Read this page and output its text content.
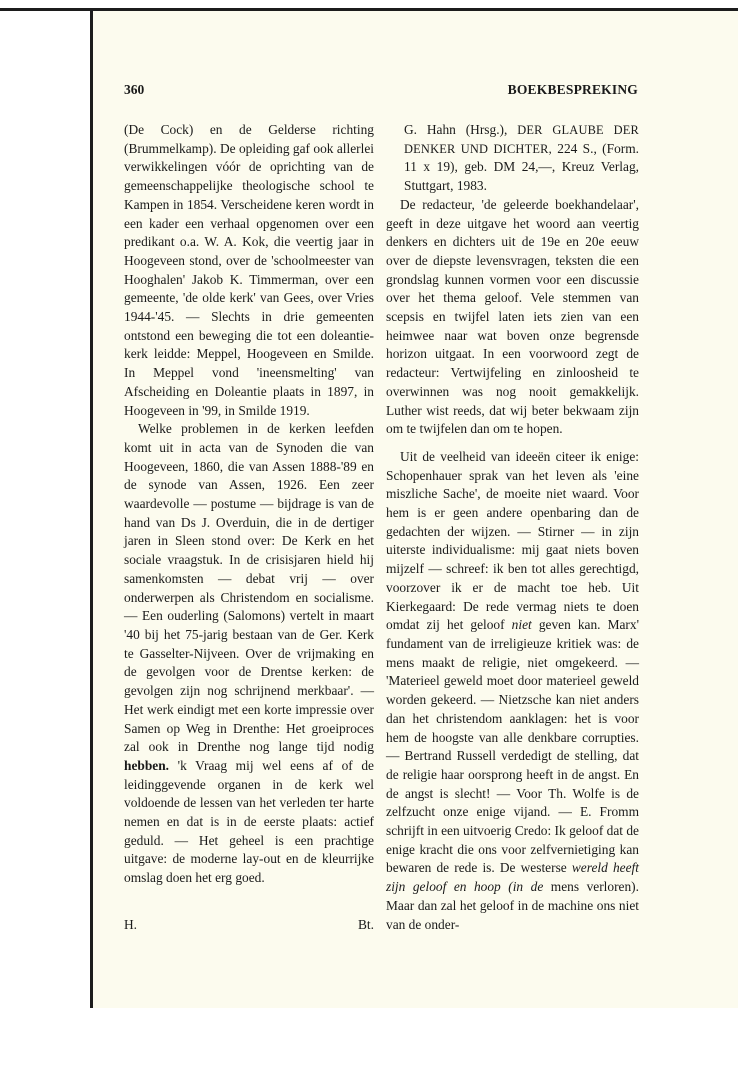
360	BOEKBESPREKING

(De Cock) en de Gelderse richting (Brummelkamp). De opleiding gaf ook allerlei verwikkelingen vóór de oprichting van de gemeenschappelijke theologische school te Kampen in 1854. Verscheidene keren wordt in een kader een verhaal opgenomen over een predikant o.a. W. A. Kok, die veertig jaar in Hoogeveen stond, over de 'schoolmeester van Hooghalen' Jakob K. Timmerman, over een gemeente, 'de olde kerk' van Gees, over Vries 1944-'45. — Slechts in drie gemeenten ontstond een beweging die tot een doleantie-kerk leidde: Meppel, Hoogeveen en Smilde. In Meppel vond 'ineensmelting' van Afscheiding en Doleantie plaats in 1897, in Hoogeveen in '99, in Smilde 1919.

Welke problemen in de kerken leefden komt uit in acta van de Synoden die van Hoogeveen, 1860, die van Assen 1888-'89 en de synode van Assen, 1926. Een zeer waardevolle — postume — bijdrage is van de hand van Ds J. Overduin, die in de dertiger jaren in Sleen stond over: De Kerk en het sociale vraagstuk. In de crisisjaren hield hij samenkomsten — debat vrij — over onderwerpen als Christendom en socialisme. — Een ouderling (Salomons) vertelt in maart '40 bij het 75-jarig bestaan van de Ger. Kerk te Gasselter-Nijveen. Over de vrijmaking en de gevolgen voor de Drentse kerken: de gevolgen zijn nog schrijnend merkbaar'. — Het werk eindigt met een korte impressie over Samen op Weg in Drenthe: Het groeiproces zal ook in Drenthe nog lange tijd nodig hebben. 'k Vraag mij wel eens af of de leidinggevende organen in de kerk wel voldoende de lessen van het verleden ter harte nemen en dat is in de eerste plaats: actief geduld. — Het geheel is een prachtige uitgave: de moderne lay-out en de kleurrijke omslag doen het erg goed.

H.	Bt.

G. Hahn (Hrsg.), DER GLAUBE DER DENKER UND DICHTER, 224 S., (Form. 11 x 19), geb. DM 24,—, Kreuz Verlag, Stuttgart, 1983.

De redacteur, 'de geleerde boekhandelaar', geeft in deze uitgave het woord aan veertig denkers en dichters uit de 19e en 20e eeuw over de diepste levensvragen, teksten die een grondslag kunnen vormen voor een discussie over het thema geloof. Vele stemmen van scepsis en twijfel laten iets zien van een heimwee naar wat boven onze begrensde horizon uitgaat. In een voorwoord zegt de redacteur: Vertwijfeling en zinloosheid te overwinnen was nog nooit gemakkelijk. Luther wist reeds, dat wij beter bekwaam zijn om te twijfelen dan om te hopen.

Uit de veelheid van ideeën citeer ik enige: Schopenhauer sprak van het leven als 'eine miszliche Sache', de moeite niet waard. Voor hem is er geen andere openbaring dan de gedachten der wijzen. — Stirner — in zijn uiterste individualisme: mij gaat niets boven mijzelf — schreef: ik ben tot alles gerechtigd, voorzover ik er de macht toe heb. Uit Kierkegaard: De rede vermag niets te doen omdat zij het geloof niet geven kan. Marx' fundament van de irreligieuze kritiek was: de mens maakt de religie, niet omgekeerd. — 'Materieel geweld moet door materieel geweld worden gekeerd. — Nietzsche kan niet anders dan het christendom aanklagen: het is voor hem de hoogste van alle denkbare corrupties. — Bertrand Russell verdedigt de stelling, dat de religie haar oorsprong heeft in de angst. En de angst is slecht! — Voor Th. Wolfe is de zelfzucht onze enige vijand. — E. Fromm schrijft in een uitvoerig Credo: Ik geloof dat de enige kracht die ons voor zelfvernietiging kan bewaren de rede is. De westerse wereld heeft zijn geloof en hoop (in de mens verloren). Maar dan zal het geloof in de machine ons niet van de onder-
